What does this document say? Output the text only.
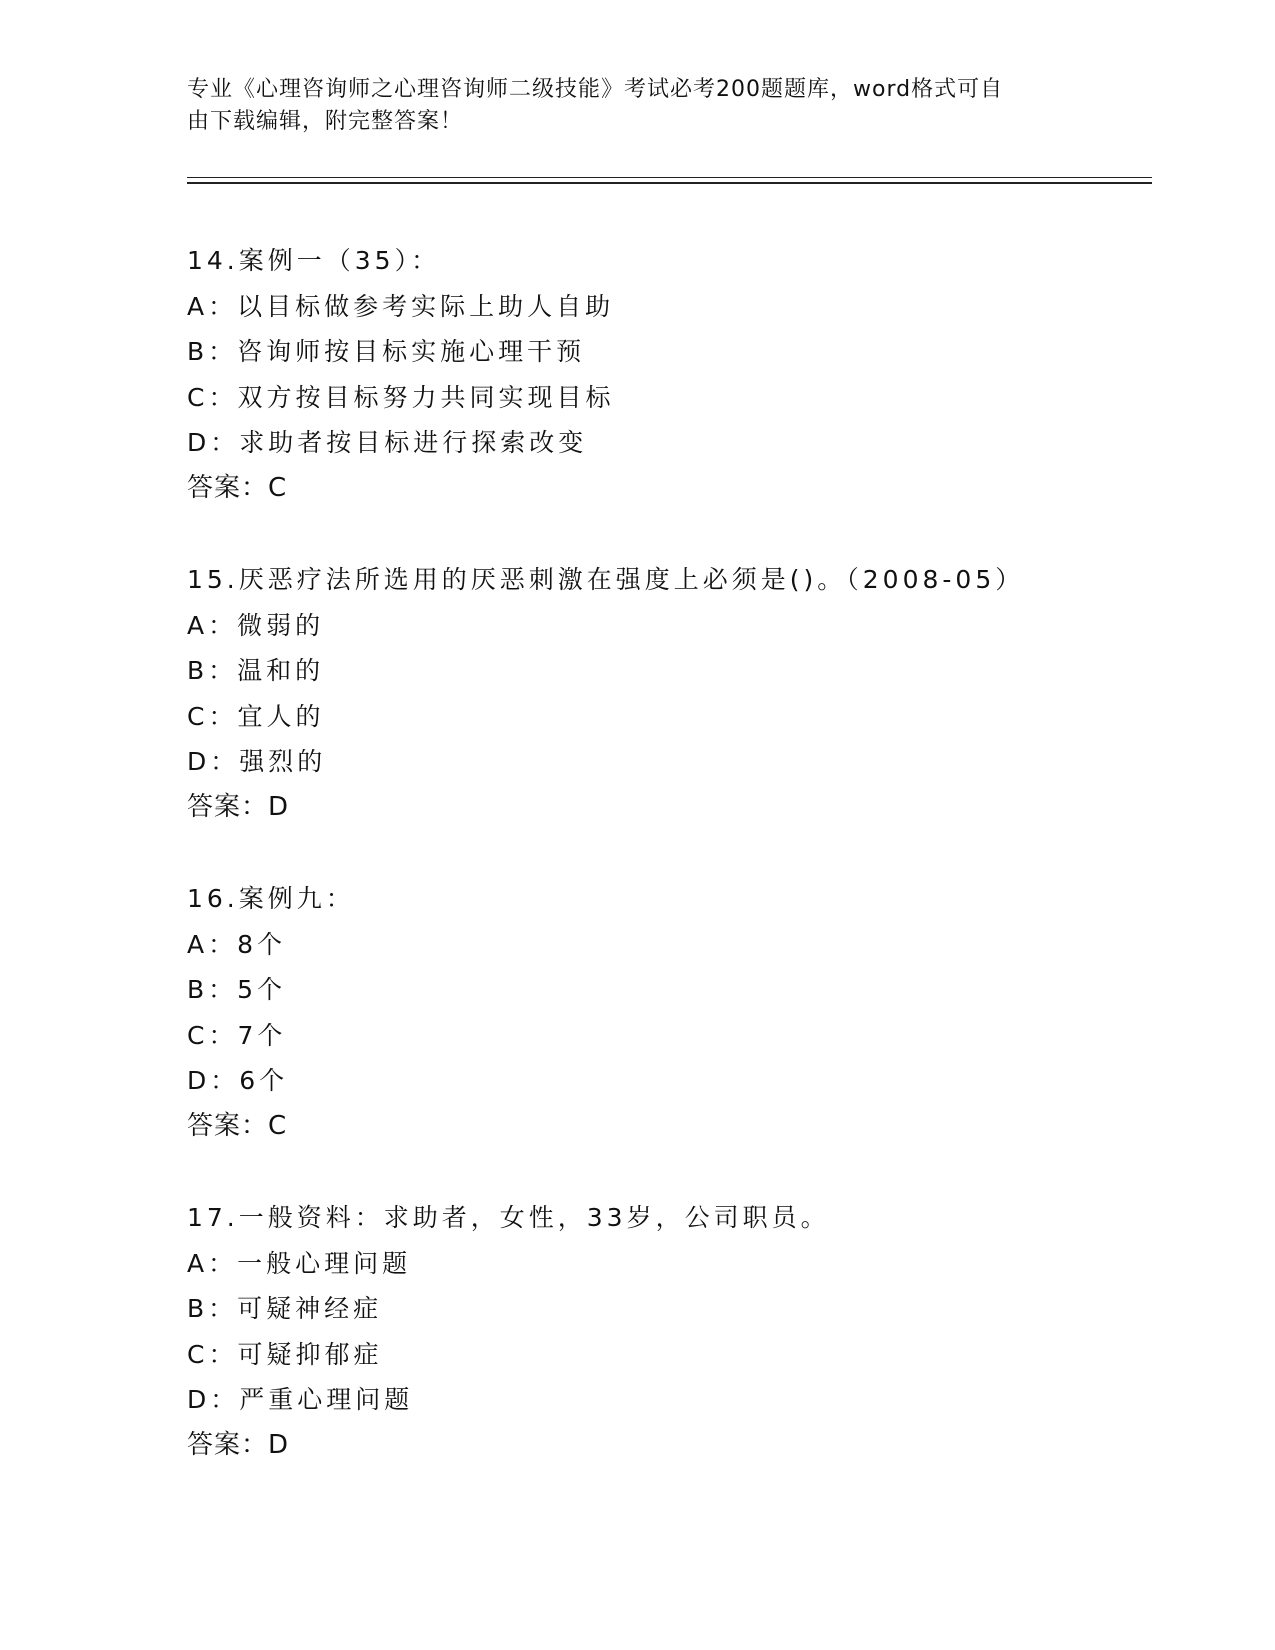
专业《心理咨询师之心理咨询师二级技能》考试必考200题题库，word格式可自
由下载编辑，附完整答案！
14.案例一（35）：
A：以目标做参考实际上助人自助
B：咨询师按目标实施心理干预
C：双方按目标努力共同实现目标
D：求助者按目标进行探索改变
答案：C
15.厌恶疗法所选用的厌恶刺激在强度上必须是()。（2008-05）
A：微弱的
B：温和的
C：宜人的
D：强烈的
答案：D
16.案例九：
A：8个
B：5个
C：7个
D：6个
答案：C
17.一般资料：求助者，女性，33岁，公司职员。
A：一般心理问题
B：可疑神经症
C：可疑抑郁症
D：严重心理问题
答案：D
